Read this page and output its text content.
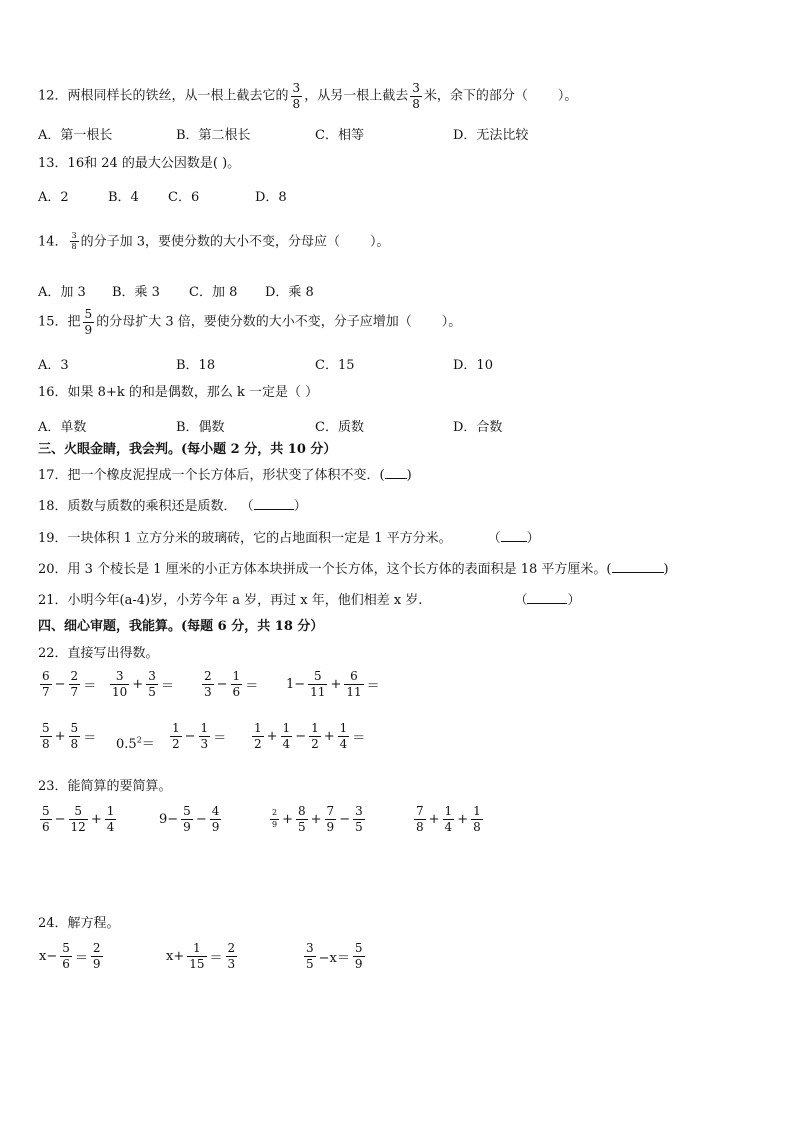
12．两根同样长的铁丝，从一根上截去它的 $\frac{3}{8}$ ，从另一根上截去 $\frac{3}{8}$ 米，余下的部分（ ）。
A．第一根长	B．第二根长	C．相等	D．无法比较
13．16和 24 的最大公因数是( )。
A．2	B．4 C．6	D．8
14． $\frac{3}{8}$ 的分子加 3，要使分数的大小不变，分母应（ ）。
A．加 3 B．乘 3 C．加 8 D．乘 8
15．把 $\frac{5}{9}$ 的分母扩大 3 倍，要使分数的大小不变，分子应增加（ ）。
A．3	B．18	C．15	D．10
16．如果 8+k 的和是偶数，那么 k 一定是（ ）
A．单数	B．偶数	C．质数	D．合数
三、火眼金睛，我会判。(每小题 2 分，共 10 分）
17．把一个橡皮泥捏成一个长方体后，形状变了体积不变．( )
18．质数与质数的乘积还是质数． （	）
19．一块体积 1 立方分米的玻璃砖，它的占地面积一定是 1 平方分米。	（ ）
20．用 3 个棱长是 1 厘米的小正方体本块拼成一个长方体，这个长方体的表面积是 18 平方厘米。(	)
21．小明今年(a-4)岁，小芳今年 a 岁，再过 x 年，他们相差 x 岁.	（	）
四、细心审题，我能算。(每题 6 分，共 18 分）
22．直接写出得数。
$\frac{6}{7} - \frac{2}{7} = \frac{3}{10} + \frac{3}{5} = \frac{2}{3} - \frac{1}{6} = 1- \frac{5}{11} + \frac{6}{11}$ ＝
$\frac{5}{8} + \frac{5}{8} = 0.5^2= \frac{1}{2} - \frac{1}{3} = \frac{1}{2} + \frac{1}{4} - \frac{1}{2} + \frac{1}{4}$ ＝
23．能简算的要简算。
$\frac{5}{6} - \frac{5}{12} + \frac{1}{4}$	$9- \frac{5}{9} - \frac{4}{9}$	$\frac{2}{9} + \frac{8}{5} + \frac{7}{9} - \frac{3}{5}$	$\frac{7}{8} + \frac{1}{4} + \frac{1}{8}$
24．解方程。
$x- \frac{5}{6} = \frac{2}{9}$	$x+ \frac{1}{15} = \frac{2}{3}$	$\frac{3}{5} -x= \frac{5}{9}$
